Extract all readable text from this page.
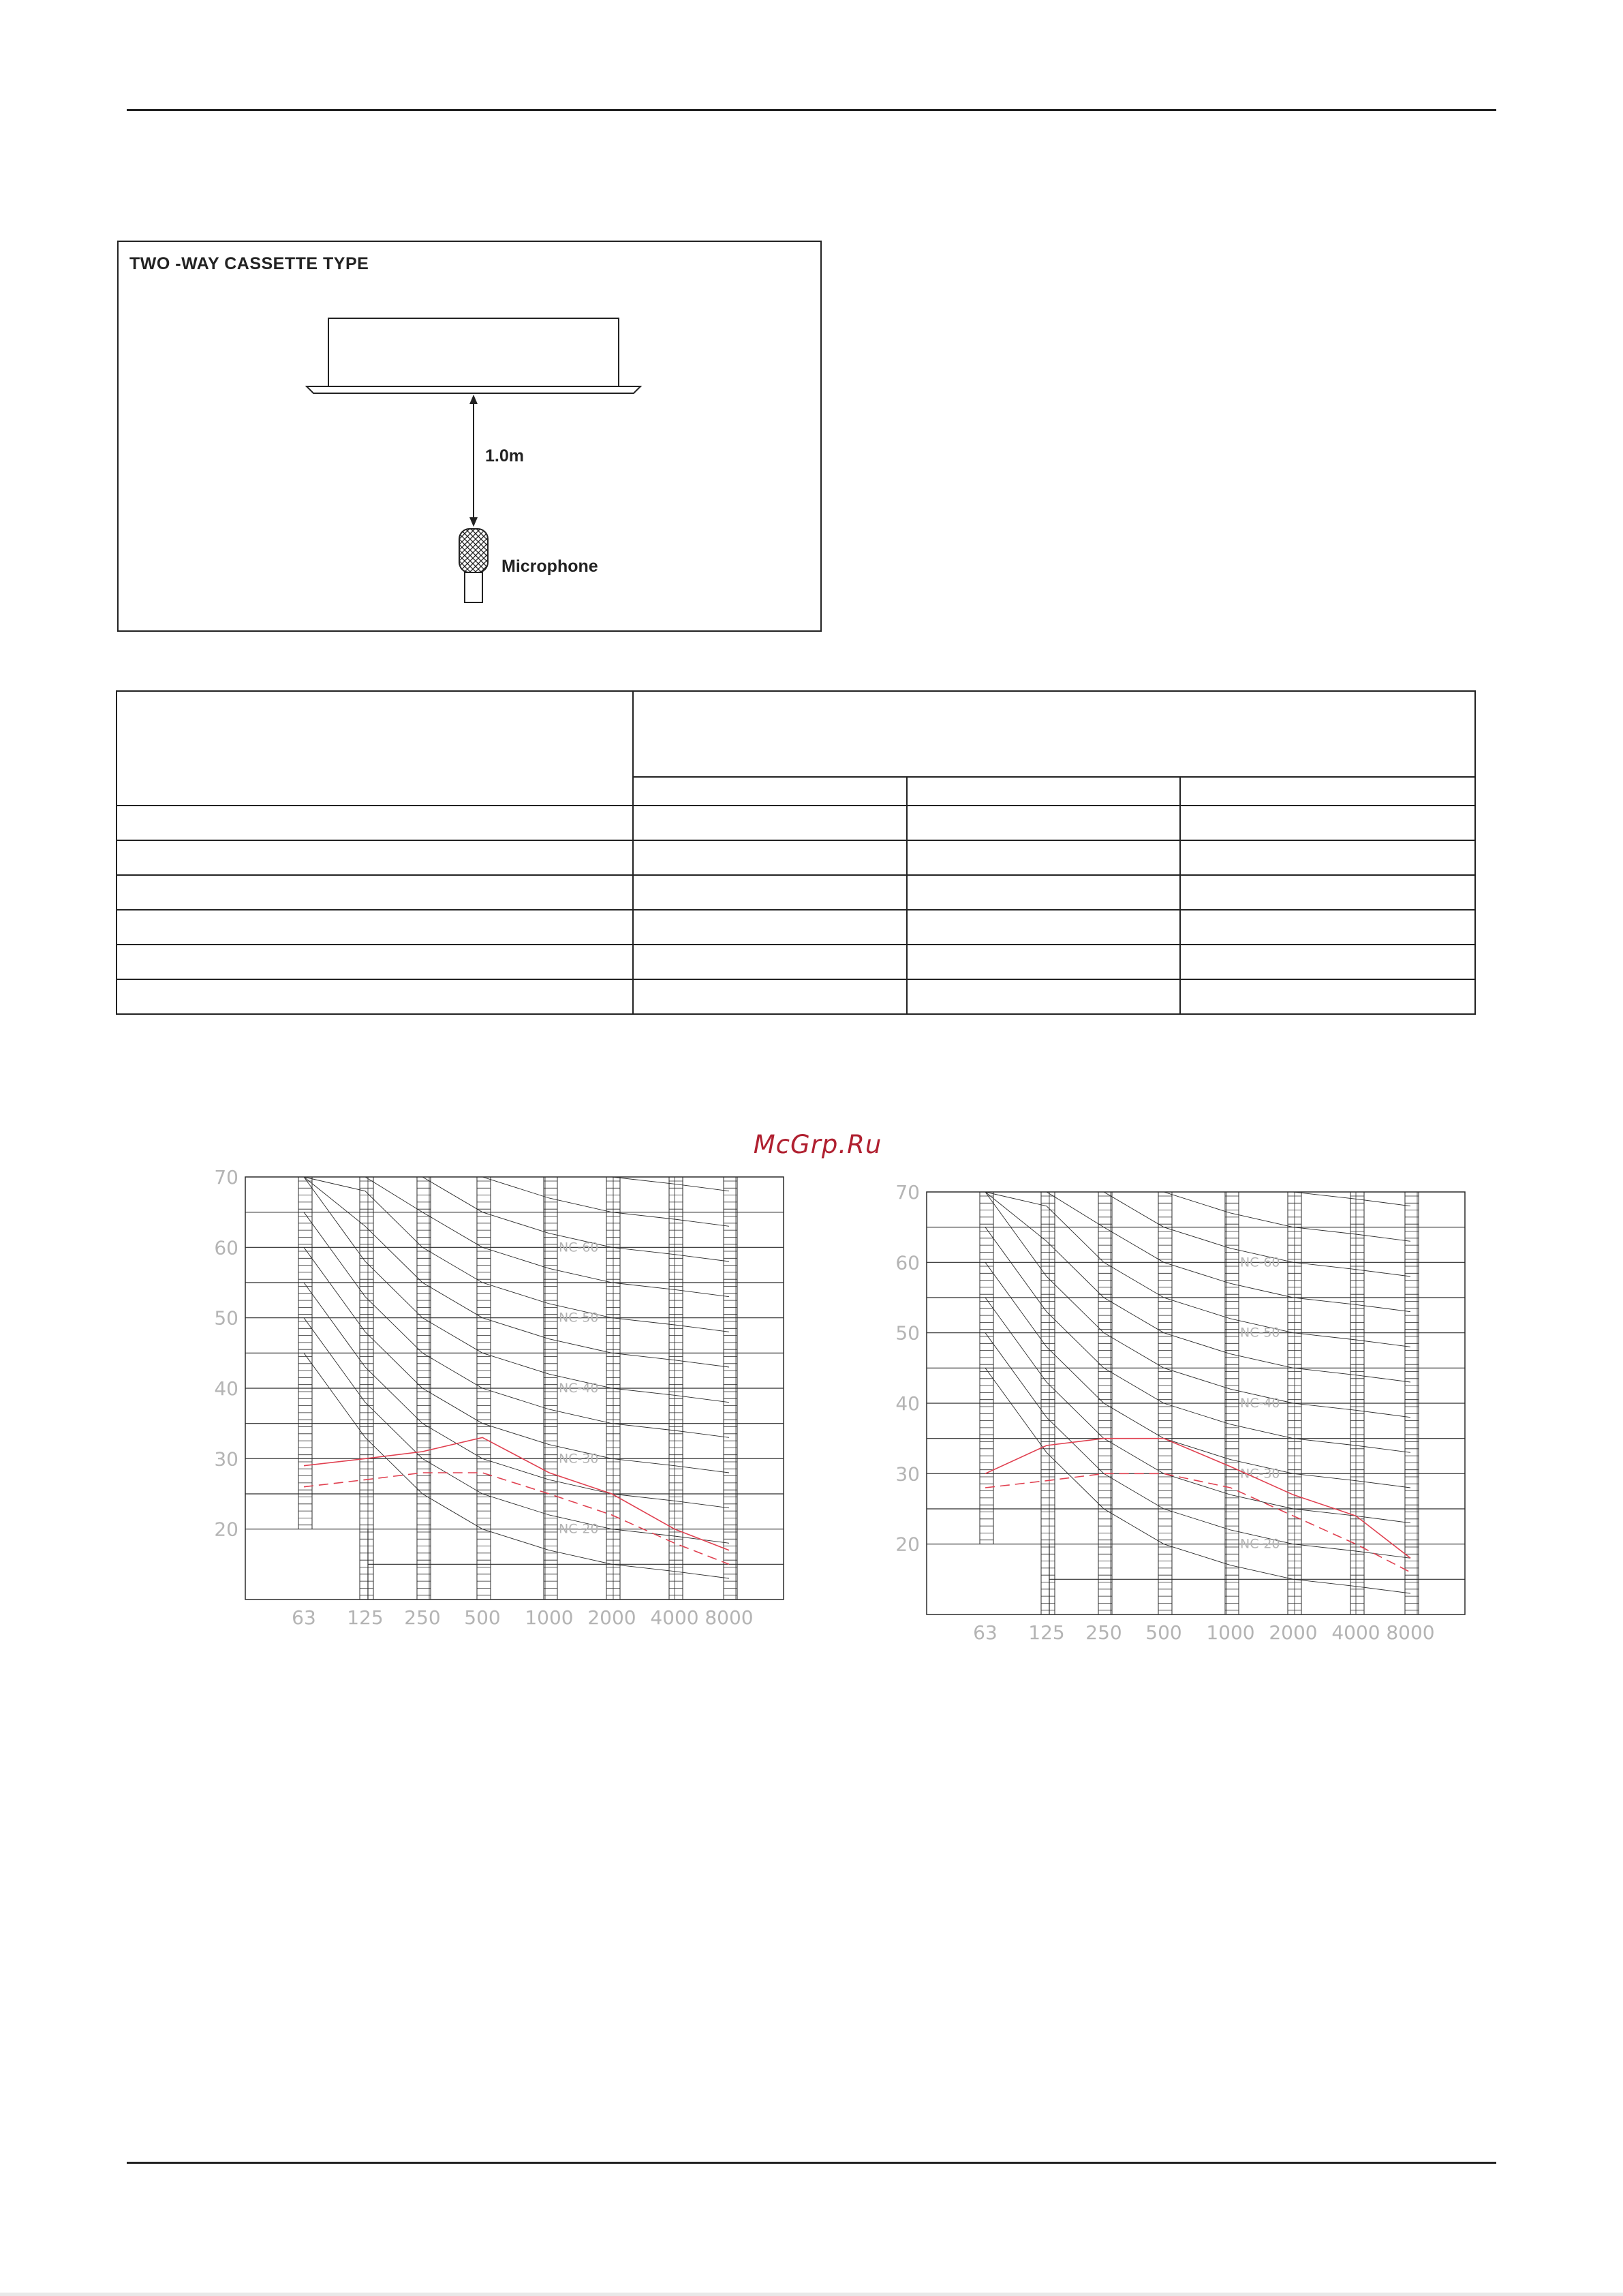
TWO -WAY CASSETTE TYPE
1.0m
Microphone

McGrp.Ru
NC-60
NC-50
NC-40
NC-30
NC-20
70
60
50
40
30
20
63 125 250 500 1000 2000 4000 8000
NC-60
NC-50
NC-40
NC-30
NC-20
70
60
50
40
30
20
63 125 250 500 1000 2000 4000 8000
